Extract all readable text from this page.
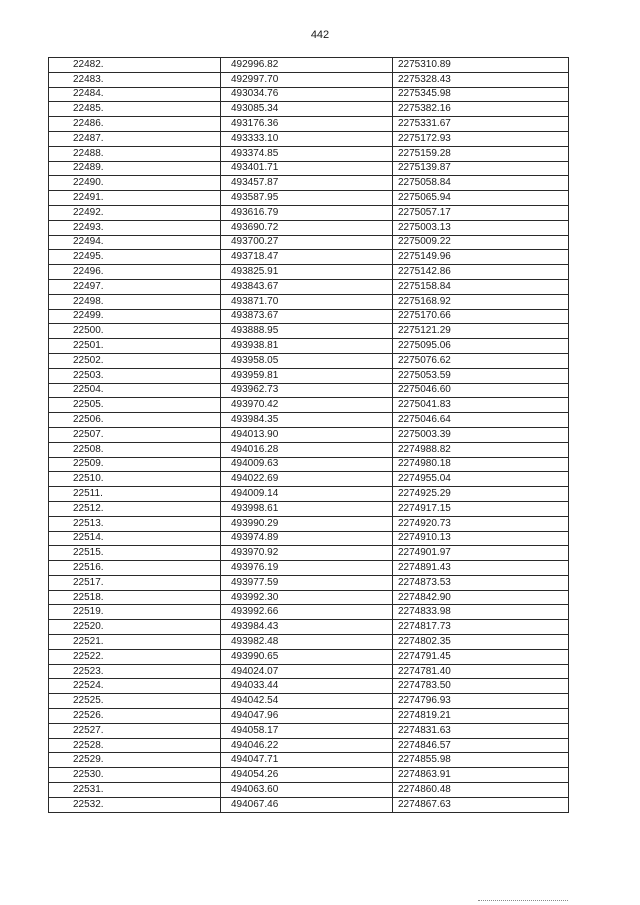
442
22482.	492996.82	2275310.89
22483.	492997.70	2275328.43
22484.	493034.76	2275345.98
22485.	493085.34	2275382.16
22486.	493176.36	2275331.67
22487.	493333.10	2275172.93
22488.	493374.85	2275159.28
22489.	493401.71	2275139.87
22490.	493457.87	2275058.84
22491.	493587.95	2275065.94
22492.	493616.79	2275057.17
22493.	493690.72	2275003.13
22494.	493700.27	2275009.22
22495.	493718.47	2275149.96
22496.	493825.91	2275142.86
22497.	493843.67	2275158.84
22498.	493871.70	2275168.92
22499.	493873.67	2275170.66
22500.	493888.95	2275121.29
22501.	493938.81	2275095.06
22502.	493958.05	2275076.62
22503.	493959.81	2275053.59
22504.	493962.73	2275046.60
22505.	493970.42	2275041.83
22506.	493984.35	2275046.64
22507.	494013.90	2275003.39
22508.	494016.28	2274988.82
22509.	494009.63	2274980.18
22510.	494022.69	2274955.04
22511.	494009.14	2274925.29
22512.	493998.61	2274917.15
22513.	493990.29	2274920.73
22514.	493974.89	2274910.13
22515.	493970.92	2274901.97
22516.	493976.19	2274891.43
22517.	493977.59	2274873.53
22518.	493992.30	2274842.90
22519.	493992.66	2274833.98
22520.	493984.43	2274817.73
22521.	493982.48	2274802.35
22522.	493990.65	2274791.45
22523.	494024.07	2274781.40
22524.	494033.44	2274783.50
22525.	494042.54	2274796.93
22526.	494047.96	2274819.21
22527.	494058.17	2274831.63
22528.	494046.22	2274846.57
22529.	494047.71	2274855.98
22530.	494054.26	2274863.91
22531.	494063.60	2274860.48
22532.	494067.46	2274867.63
